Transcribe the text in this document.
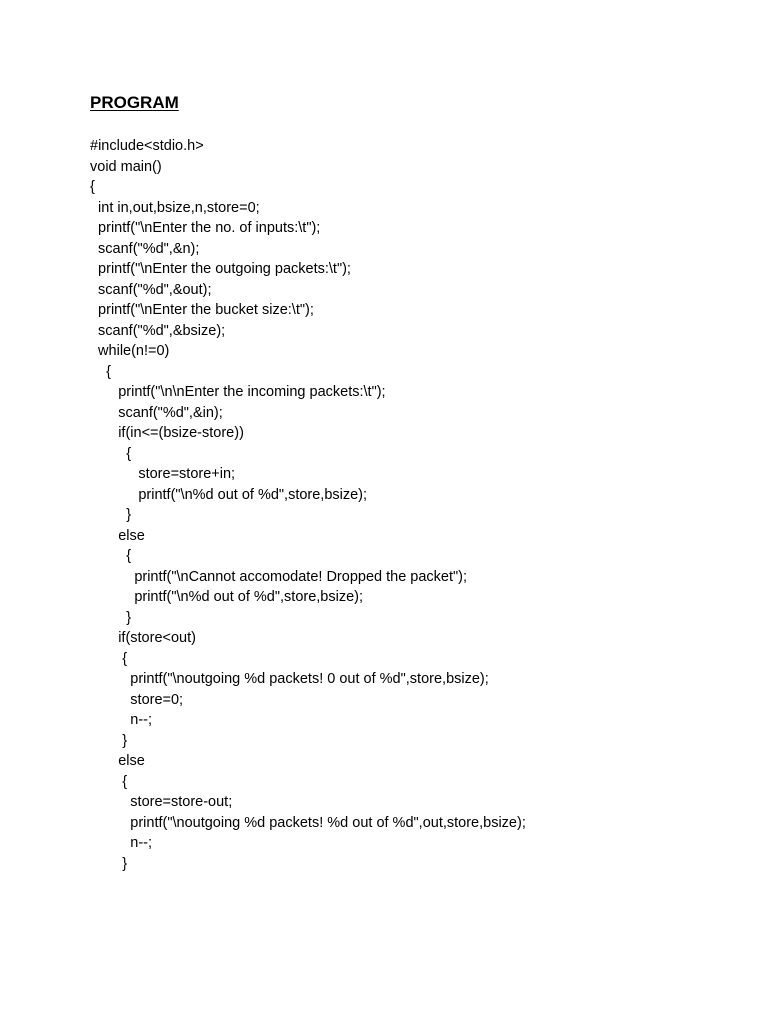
PROGRAM
#include<stdio.h>
void main()
{
int in,out,bsize,n,store=0;
printf("\nEnter the no. of inputs:\t");
scanf("%d",&n);
printf("\nEnter the outgoing packets:\t");
scanf("%d",&out);
printf("\nEnter the bucket size:\t");
scanf("%d",&bsize);
while(n!=0)
{
printf("\n\nEnter the incoming packets:\t");
scanf("%d",&in);
if(in<=(bsize-store))
{
store=store+in;
printf("\n%d out of %d",store,bsize);
}
else
{
printf("\nCannot accomodate! Dropped the packet");
printf("\n%d out of %d",store,bsize);
}
if(store<out)
{
printf("\noutgoing %d packets! 0 out of %d",store,bsize);
store=0;
n--;
}
else
{
store=store-out;
printf("\noutgoing %d packets! %d out of %d",out,store,bsize);
n--;
}
